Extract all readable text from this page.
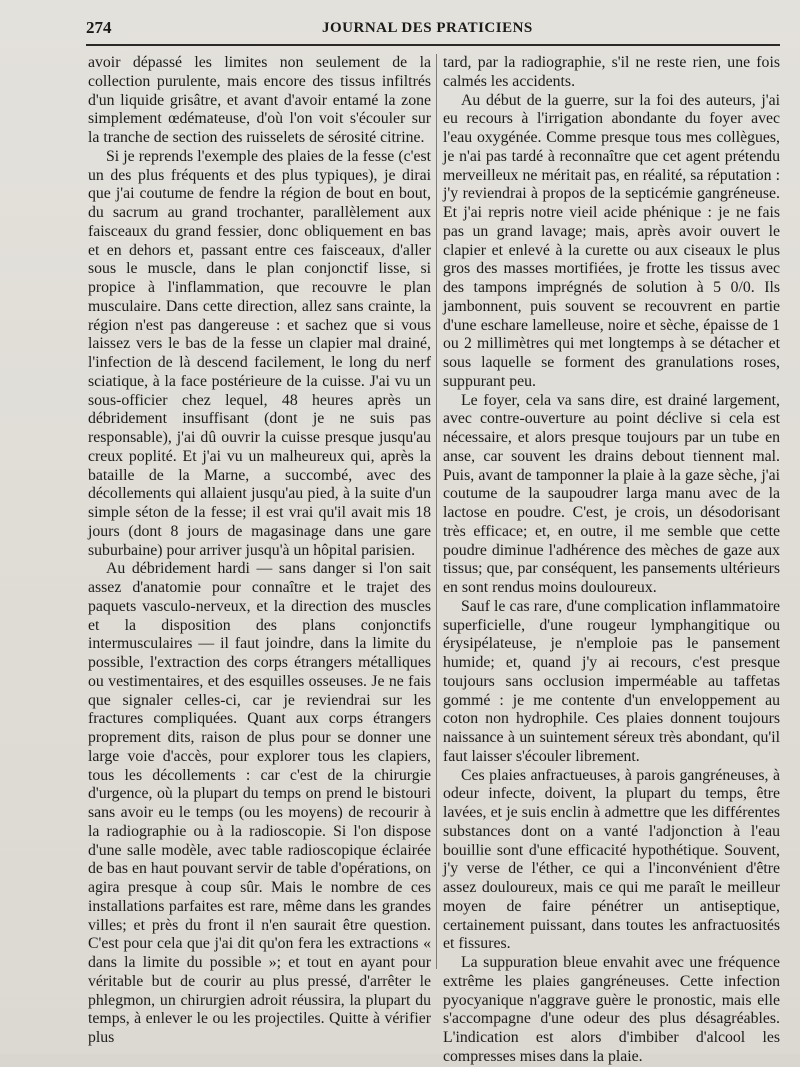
274	JOURNAL DES PRATICIENS

avoir dépassé les limites non seulement de la collection purulente, mais encore des tissus infiltrés d'un liquide grisâtre, et avant d'avoir entamé la zone simplement œdémateuse, d'où l'on voit s'écouler sur la tranche de section des ruisselets de sérosité citrine.

Si je reprends l'exemple des plaies de la fesse (c'est un des plus fréquents et des plus typiques), je dirai que j'ai coutume de fendre la région de bout en bout, du sacrum au grand trochanter, parallèlement aux faisceaux du grand fessier, donc obliquement en bas et en dehors et, passant entre ces faisceaux, d'aller sous le muscle, dans le plan conjonctif lisse, si propice à l'inflammation, que recouvre le plan musculaire. Dans cette direction, allez sans crainte, la région n'est pas dangereuse : et sachez que si vous laissez vers le bas de la fesse un clapier mal drainé, l'infection de là descend facilement, le long du nerf sciatique, à la face postérieure de la cuisse. J'ai vu un sous-officier chez lequel, 48 heures après un débridement insuffisant (dont je ne suis pas responsable), j'ai dû ouvrir la cuisse presque jusqu'au creux poplité. Et j'ai vu un malheureux qui, après la bataille de la Marne, a succombé, avec des décollements qui allaient jusqu'au pied, à la suite d'un simple séton de la fesse; il est vrai qu'il avait mis 18 jours (dont 8 jours de magasinage dans une gare suburbaine) pour arriver jusqu'à un hôpital parisien.

Au débridement hardi — sans danger si l'on sait assez d'anatomie pour connaître et le trajet des paquets vasculo-nerveux, et la direction des muscles et la disposition des plans conjonctifs intermusculaires — il faut joindre, dans la limite du possible, l'extraction des corps étrangers métalliques ou vestimentaires, et des esquilles osseuses. Je ne fais que signaler celles-ci, car je reviendrai sur les fractures compliquées. Quant aux corps étrangers proprement dits, raison de plus pour se donner une large voie d'accès, pour explorer tous les clapiers, tous les décollements : car c'est de la chirurgie d'urgence, où la plupart du temps on prend le bistouri sans avoir eu le temps (ou les moyens) de recourir à la radiographie ou à la radioscopie. Si l'on dispose d'une salle modèle, avec table radioscopique éclairée de bas en haut pouvant servir de table d'opérations, on agira presque à coup sûr. Mais le nombre de ces installations parfaites est rare, même dans les grandes villes; et près du front il n'en saurait être question. C'est pour cela que j'ai dit qu'on fera les extractions « dans la limite du possible »; et tout en ayant pour véritable but de courir au plus pressé, d'arrêter le phlegmon, un chirurgien adroit réussira, la plupart du temps, à enlever le ou les projectiles. Quitte à vérifier plus

tard, par la radiographie, s'il ne reste rien, une fois calmés les accidents.

Au début de la guerre, sur la foi des auteurs, j'ai eu recours à l'irrigation abondante du foyer avec l'eau oxygénée. Comme presque tous mes collègues, je n'ai pas tardé à reconnaître que cet agent prétendu merveilleux ne méritait pas, en réalité, sa réputation : j'y reviendrai à propos de la septicémie gangréneuse. Et j'ai repris notre vieil acide phénique : je ne fais pas un grand lavage; mais, après avoir ouvert le clapier et enlevé à la curette ou aux ciseaux le plus gros des masses mortifiées, je frotte les tissus avec des tampons imprégnés de solution à 5 0/0. Ils jambonnent, puis souvent se recouvrent en partie d'une eschare lamelleuse, noire et sèche, épaisse de 1 ou 2 millimètres qui met longtemps à se détacher et sous laquelle se forment des granulations roses, suppurant peu.

Le foyer, cela va sans dire, est drainé largement, avec contre-ouverture au point déclive si cela est nécessaire, et alors presque toujours par un tube en anse, car souvent les drains debout tiennent mal. Puis, avant de tamponner la plaie à la gaze sèche, j'ai coutume de la saupoudrer larga manu avec de la lactose en poudre. C'est, je crois, un désodorisant très efficace; et, en outre, il me semble que cette poudre diminue l'adhérence des mèches de gaze aux tissus; que, par conséquent, les pansements ultérieurs en sont rendus moins douloureux.

Sauf le cas rare, d'une complication inflammatoire superficielle, d'une rougeur lymphangitique ou érysipélateuse, je n'emploie pas le pansement humide; et, quand j'y ai recours, c'est presque toujours sans occlusion imperméable au taffetas gommé : je me contente d'un enveloppement au coton non hydrophile. Ces plaies donnent toujours naissance à un suintement séreux très abondant, qu'il faut laisser s'écouler librement.

Ces plaies anfractueuses, à parois gangréneuses, à odeur infecte, doivent, la plupart du temps, être lavées, et je suis enclin à admettre que les différentes substances dont on a vanté l'adjonction à l'eau bouillie sont d'une efficacité hypothétique. Souvent, j'y verse de l'éther, ce qui a l'inconvénient d'être assez douloureux, mais ce qui me paraît le meilleur moyen de faire pénétrer un antiseptique, certainement puissant, dans toutes les anfractuosités et fissures.

La suppuration bleue envahit avec une fréquence extrême les plaies gangréneuses. Cette infection pyocyanique n'aggrave guère le pronostic, mais elle s'accompagne d'une odeur des plus désagréables. L'indication est alors d'imbiber d'alcool les compresses mises dans la plaie.
